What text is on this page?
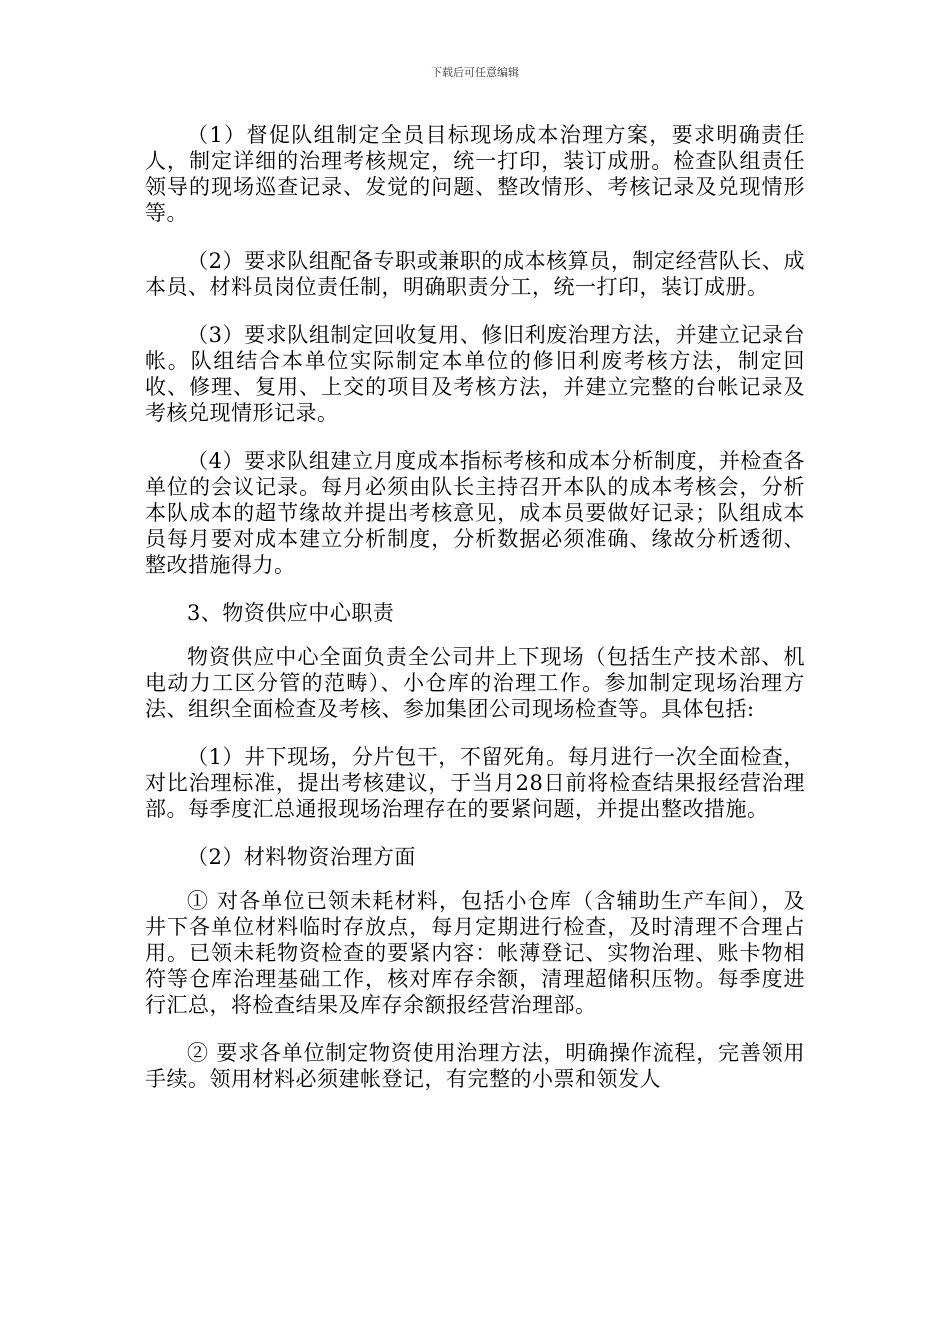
下载后可任意编辑

（1）督促队组制定全员目标现场成本治理方案，要求明确责任人，制定详细的治理考核规定，统一打印，装订成册。检查队组责任领导的现场巡查记录、发觉的问题、整改情形、考核记录及兑现情形等。

（2）要求队组配备专职或兼职的成本核算员，制定经营队长、成本员、材料员岗位责任制，明确职责分工，统一打印，装订成册。

（3）要求队组制定回收复用、修旧利废治理方法，并建立记录台帐。队组结合本单位实际制定本单位的修旧利废考核方法，制定回收、修理、复用、上交的项目及考核方法，并建立完整的台帐记录及考核兑现情形记录。

（4）要求队组建立月度成本指标考核和成本分析制度，并检查各单位的会议记录。每月必须由队长主持召开本队的成本考核会，分析本队成本的超节缘故并提出考核意见，成本员要做好记录；队组成本员每月要对成本建立分析制度，分析数据必须准确、缘故分析透彻、整改措施得力。

3、物资供应中心职责

物资供应中心全面负责全公司井上下现场（包括生产技术部、机电动力工区分管的范畴）、小仓库的治理工作。参加制定现场治理方法、组织全面检查及考核、参加集团公司现场检查等。具体包括:

（1）井下现场，分片包干，不留死角。每月进行一次全面检查，对比治理标准，提出考核建议，于当月28日前将检查结果报经营治理部。每季度汇总通报现场治理存在的要紧问题，并提出整改措施。

（2）材料物资治理方面

① 对各单位已领未耗材料，包括小仓库（含辅助生产车间），及井下各单位材料临时存放点，每月定期进行检查，及时清理不合理占用。已领未耗物资检查的要紧内容：帐薄登记、实物治理、账卡物相符等仓库治理基础工作，核对库存余额，清理超储积压物。每季度进行汇总，将检查结果及库存余额报经营治理部。

② 要求各单位制定物资使用治理方法，明确操作流程，完善领用手续。领用材料必须建帐登记，有完整的小票和领发人
